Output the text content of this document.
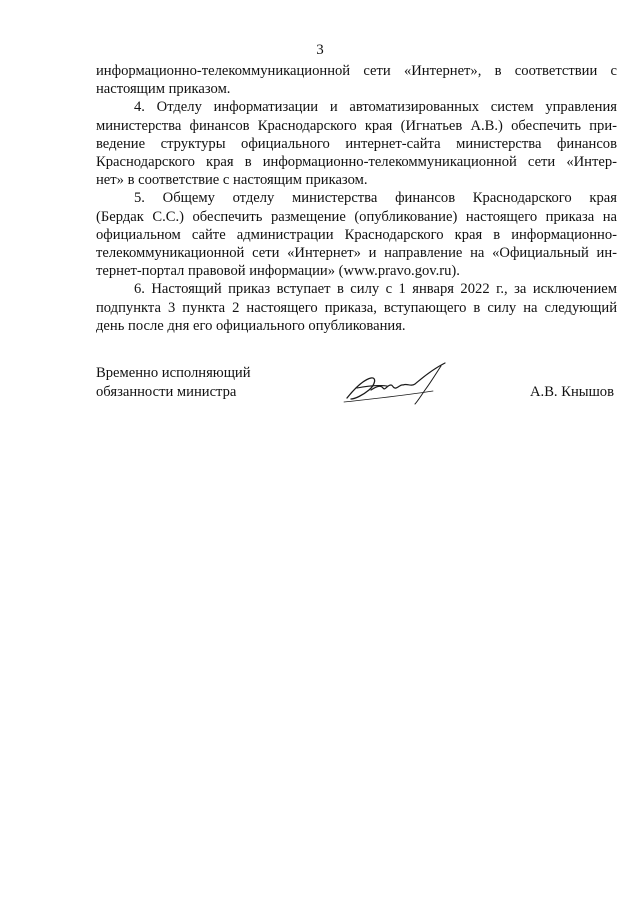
3
информационно-телекоммуникационной сети «Интернет», в соответствии с
настоящим приказом.
4. Отделу информатизации и автоматизированных систем управления
министерства финансов Краснодарского края (Игнатьев А.В.) обеспечить при-
ведение структуры официального интернет-сайта министерства финансов
Краснодарского края в информационно-телекоммуникационной сети «Интер-
нет» в соответствие с настоящим приказом.
5. Общему отделу министерства финансов Краснодарского края
(Бердак С.С.) обеспечить размещение (опубликование) настоящего приказа на
официальном сайте администрации Краснодарского края в информационно-
телекоммуникационной сети «Интернет» и направление на «Официальный ин-
тернет-портал правовой информации» (www.pravo.gov.ru).
6. Настоящий приказ вступает в силу с 1 января 2022 г., за исключением
подпункта 3 пункта 2 настоящего приказа, вступающего в силу на следующий
день после дня его официального опубликования.
Временно исполняющий
обязанности министра	А.В. Кнышов
